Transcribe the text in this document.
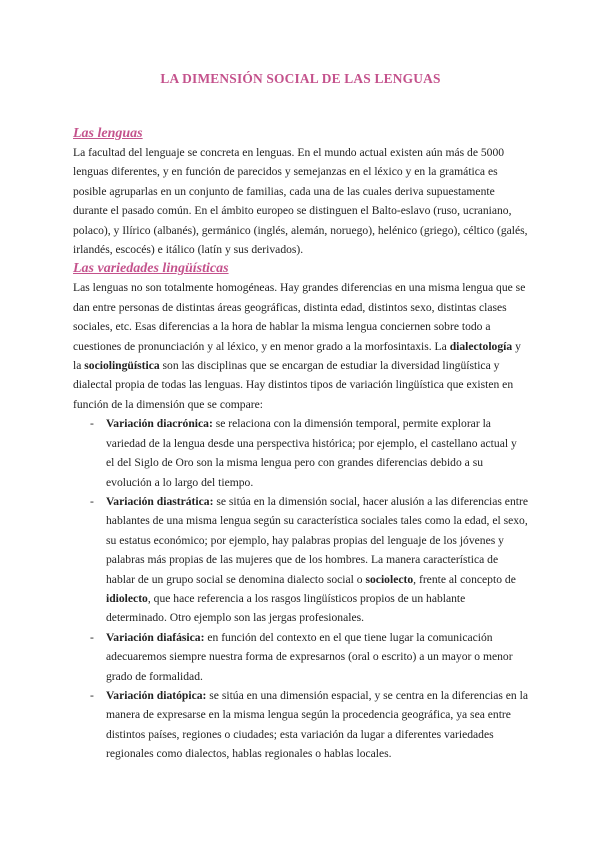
LA DIMENSIÓN SOCIAL DE LAS LENGUAS
Las lenguas

La facultad del lenguaje se concreta en lenguas. En el mundo actual existen aún más de 5000 lenguas diferentes, y en función de parecidos y semejanzas en el léxico y en la gramática es posible agruparlas en un conjunto de familias, cada una de las cuales deriva supuestamente durante el pasado común. En el ámbito europeo se distinguen el Balto-eslavo (ruso, ucraniano, polaco), y Ilírico (albanés), germánico (inglés, alemán, noruego), helénico (griego), céltico (galés, irlandés, escocés) e itálico (latín y sus derivados).

Las variedades lingüísticas

Las lenguas no son totalmente homogéneas. Hay grandes diferencias en una misma lengua que se dan entre personas de distintas áreas geográficas, distinta edad, distintos sexo, distintas clases sociales, etc. Esas diferencias a la hora de hablar la misma lengua conciernen sobre todo a cuestiones de pronunciación y al léxico, y en menor grado a la morfosintaxis. La dialectología y la sociolingüística son las disciplinas que se encargan de estudiar la diversidad lingüística y dialectal propia de todas las lenguas. Hay distintos tipos de variación lingüística que existen en función de la dimensión que se compare:

- Variación diacrónica: se relaciona con la dimensión temporal, permite explorar la variedad de la lengua desde una perspectiva histórica; por ejemplo, el castellano actual y el del Siglo de Oro son la misma lengua pero con grandes diferencias debido a su evolución a lo largo del tiempo.
- Variación diastrática: se sitúa en la dimensión social, hacer alusión a las diferencias entre hablantes de una misma lengua según su característica sociales tales como la edad, el sexo, su estatus económico; por ejemplo, hay palabras propias del lenguaje de los jóvenes y palabras más propias de las mujeres que de los hombres. La manera característica de hablar de un grupo social se denomina dialecto social o sociolecto, frente al concepto de idiolecto, que hace referencia a los rasgos lingüísticos propios de un hablante determinado. Otro ejemplo son las jergas profesionales.
- Variación diafásica: en función del contexto en el que tiene lugar la comunicación adecuaremos siempre nuestra forma de expresarnos (oral o escrito) a un mayor o menor grado de formalidad.
- Variación diatópica: se sitúa en una dimensión espacial, y se centra en la diferencias en la manera de expresarse en la misma lengua según la procedencia geográfica, ya sea entre distintos países, regiones o ciudades; esta variación da lugar a diferentes variedades regionales como dialectos, hablas regionales o hablas locales.
